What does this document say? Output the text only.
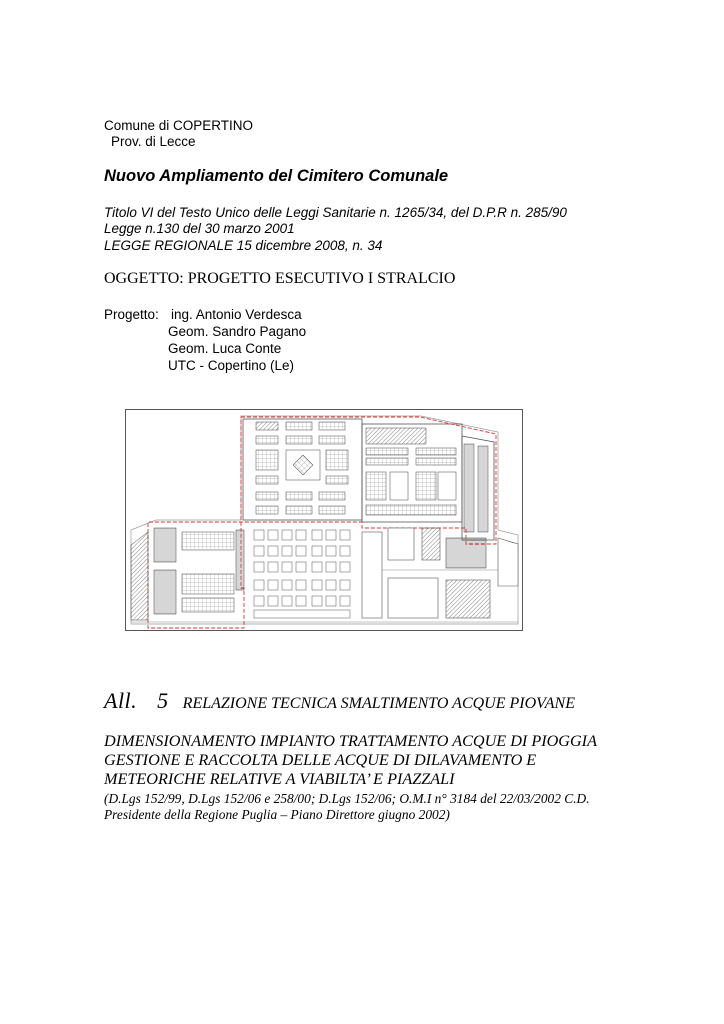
Comune di COPERTINO
Prov. di Lecce
Nuovo Ampliamento del Cimitero Comunale
Titolo VI del Testo Unico delle Leggi Sanitarie n. 1265/34, del D.P.R n. 285/90
Legge n.130 del 30 marzo 2001
LEGGE REGIONALE 15 dicembre 2008, n. 34
OGGETTO: PROGETTO ESECUTIVO I STRALCIO
Progetto: ing. Antonio Verdesca
Geom. Sandro Pagano
Geom. Luca Conte
UTC - Copertino (Le)
All. 5 RELAZIONE TECNICA SMALTIMENTO ACQUE PIOVANE
DIMENSIONAMENTO IMPIANTO TRATTAMENTO ACQUE DI PIOGGIA
GESTIONE E RACCOLTA DELLE ACQUE DI DILAVAMENTO E
METEORICHE RELATIVE A VIABILTA’ E PIAZZALI
(D.Lgs 152/99, D.Lgs 152/06 e 258/00; D.Lgs 152/06; O.M.I n° 3184 del 22/03/2002 C.D.
Presidente della Regione Puglia – Piano Direttore giugno 2002)
